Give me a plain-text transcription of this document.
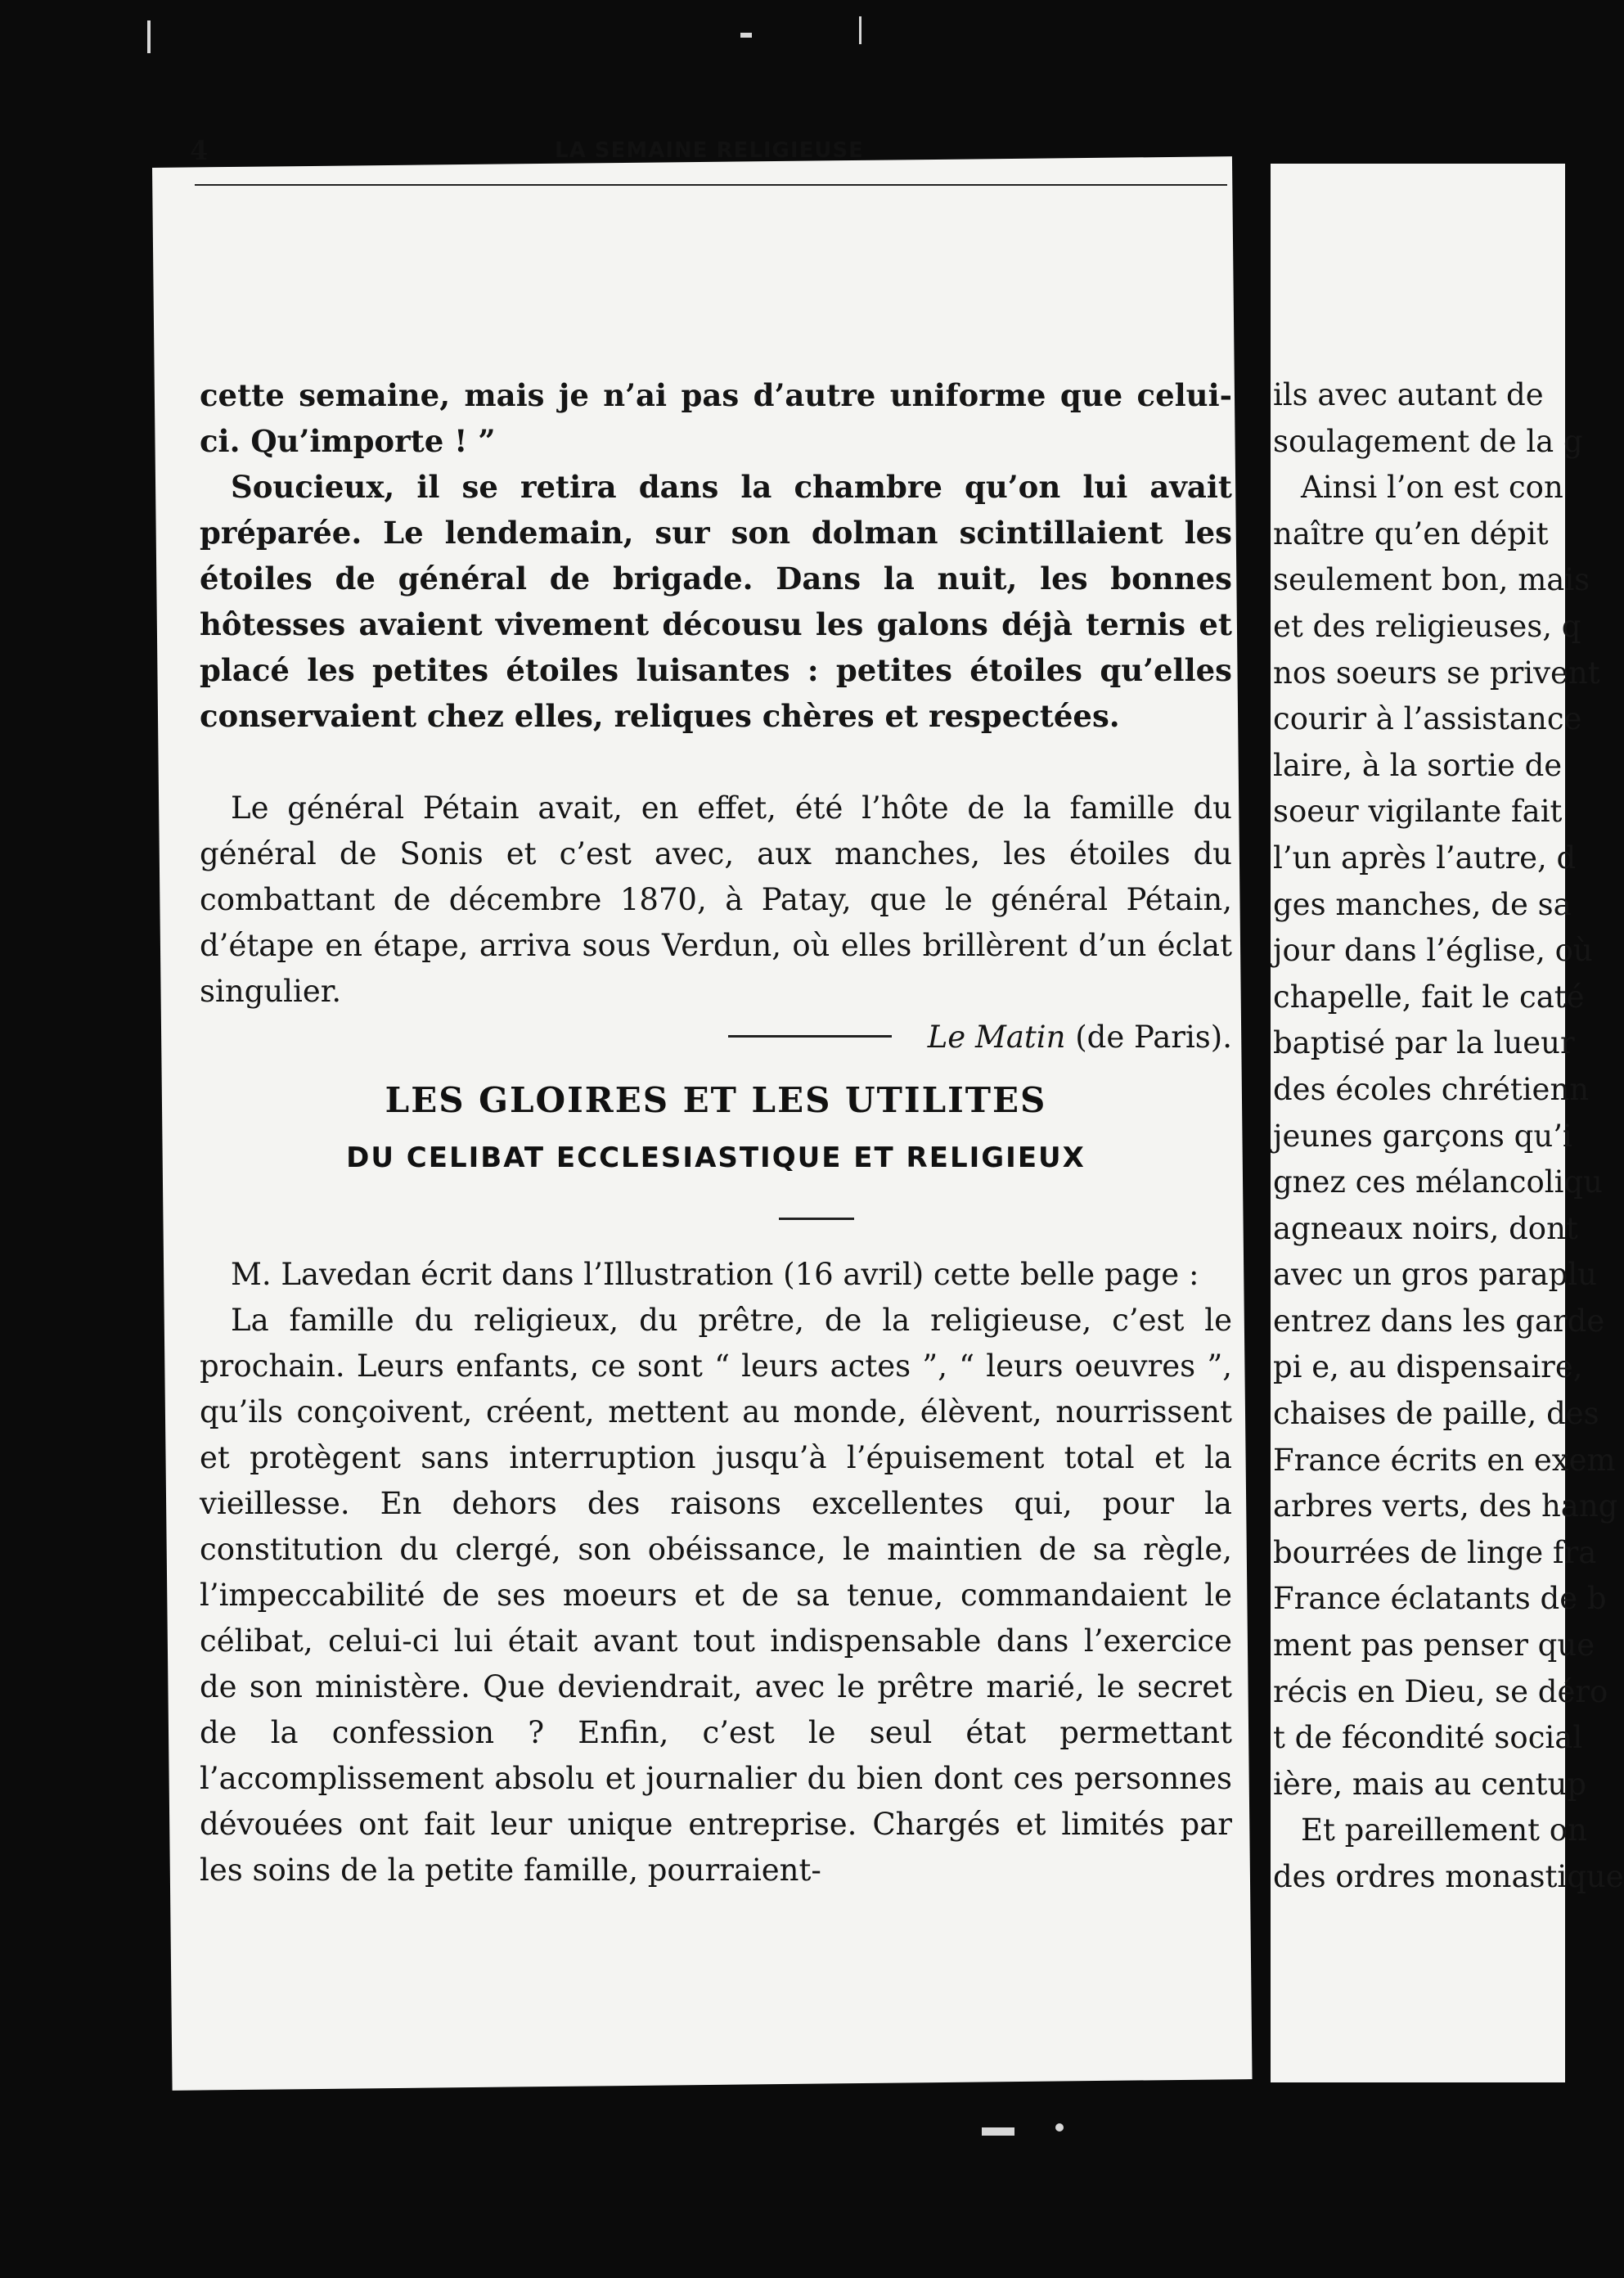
4	LA SEMAINE RELIGIEUSE

cette semaine, mais je n’ai pas d’autre uniforme que celui-ci. Qu’importe ! ”

Soucieux, il se retira dans la chambre qu’on lui avait préparée. Le lendemain, sur son dolman scintillaient les étoiles de général de brigade. Dans la nuit, les bonnes hôtesses avaient vivement décousu les galons déjà ternis et placé les petites étoiles luisantes : petites étoiles qu’elles conservaient chez elles, reliques chères et respectées.

Le général Pétain avait, en effet, été l’hôte de la famille du général de Sonis et c’est avec, aux manches, les étoiles du combattant de décembre 1870, à Patay, que le général Pétain, d’étape en étape, arriva sous Verdun, où elles brillèrent d’un éclat singulier.

Le Matin (de Paris).
LES GLOIRES ET LES UTILITES
DU CELIBAT ECCLESIASTIQUE ET RELIGIEUX

M. Lavedan écrit dans l’Illustration (16 avril) cette belle page :

La famille du religieux, du prêtre, de la religieuse, c’est le prochain. Leurs enfants, ce sont “ leurs actes ”, “ leurs oeuvres ”, qu’ils conçoivent, créent, mettent au monde, élèvent, nourrissent et protègent sans interruption jusqu’à l’épuisement total et la vieillesse. En dehors des raisons excellentes qui, pour la constitution du clergé, son obéissance, le maintien de sa règle, l’impeccabilité de ses moeurs et de sa tenue, commandaient le célibat, celui-ci lui était avant tout indispensable dans l’exercice de son ministère. Que deviendrait, avec le prêtre marié, le secret de la confession ? Enfin, c’est le seul état permettant l’accomplissement absolu et journalier du bien dont ces personnes dévouées ont fait leur unique entreprise. Chargés et limités par les soins de la petite famille, pourraient-

ils avec autant de
soulagement de la g
Ainsi l’on est con
naître qu’en dépit
seulement bon, mais
et des religieuses, q
nos soeurs se privent
courir à l’assistance
laire, à la sortie de
soeur vigilante fait
l’un après l’autre, d
ges manches, de sa
jour dans l’église, où
chapelle, fait le caté
baptisé par la lueur
des écoles chrétienn
jeunes garçons qu’i
gnez ces mélancoliqu
agneaux noirs, dont
avec un gros paraplu
entrez dans les garde
pi e, au dispensaire,
chaises de paille, des
France écrits en exem
arbres verts, des hang
bourrées de linge fra
France éclatants de b
ment pas penser que
récis en Dieu, se déro
t de fécondité social
ière, mais au centup
Et pareillement on
des ordres monastique
